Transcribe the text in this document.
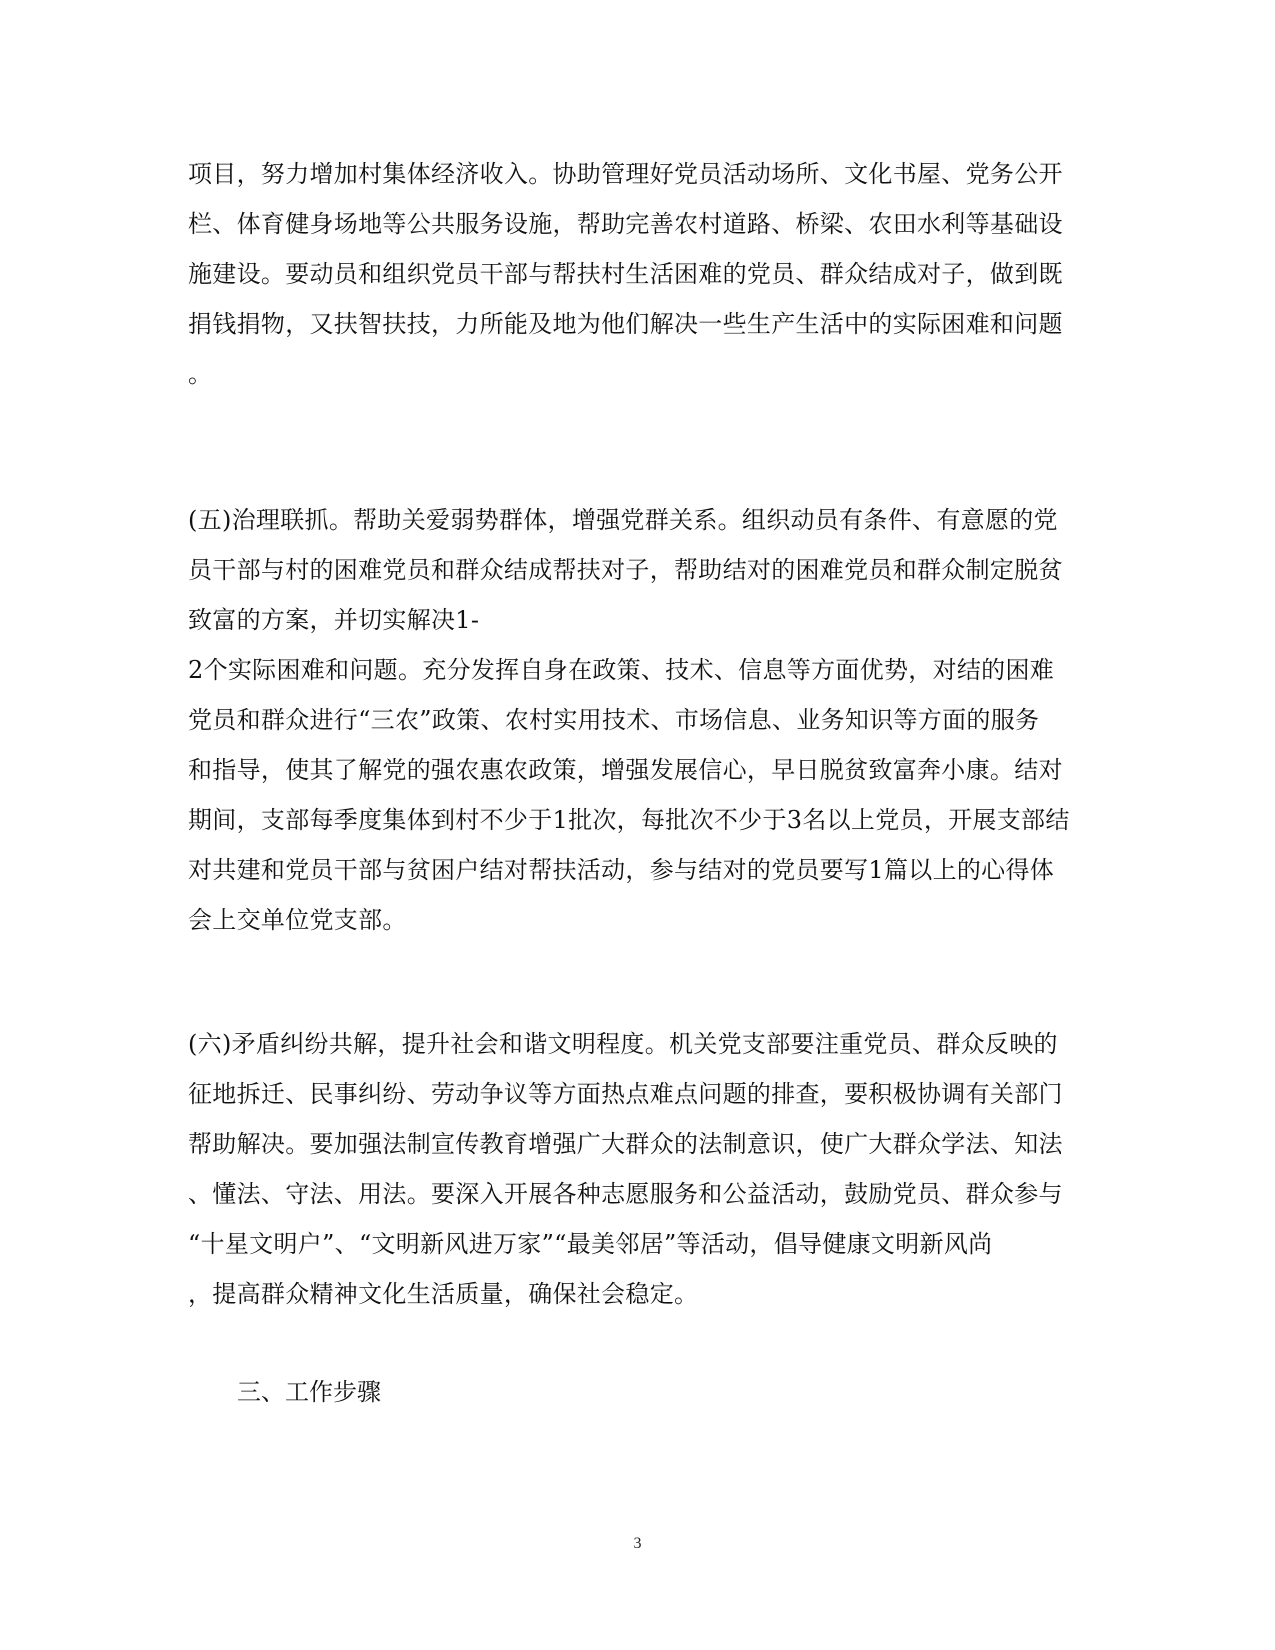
项目，努力增加村集体经济收入。协助管理好党员活动场所、文化书屋、党务公开
栏、体育健身场地等公共服务设施，帮助完善农村道路、桥梁、农田水利等基础设
施建设。要动员和组织党员干部与帮扶村生活困难的党员、群众结成对子，做到既
捐钱捐物，又扶智扶技，力所能及地为他们解决一些生产生活中的实际困难和问题
。
(五)治理联抓。帮助关爱弱势群体，增强党群关系。组织动员有条件、有意愿的党
员干部与村的困难党员和群众结成帮扶对子，帮助结对的困难党员和群众制定脱贫
致富的方案，并切实解决1-
2个实际困难和问题。充分发挥自身在政策、技术、信息等方面优势，对结的困难
党员和群众进行“三农”政策、农村实用技术、市场信息、业务知识等方面的服务
和指导，使其了解党的强农惠农政策，增强发展信心，早日脱贫致富奔小康。结对
期间，支部每季度集体到村不少于1批次，每批次不少于3名以上党员，开展支部结
对共建和党员干部与贫困户结对帮扶活动，参与结对的党员要写1篇以上的心得体
会上交单位党支部。
(六)矛盾纠纷共解，提升社会和谐文明程度。机关党支部要注重党员、群众反映的
征地拆迁、民事纠纷、劳动争议等方面热点难点问题的排查，要积极协调有关部门
帮助解决。要加强法制宣传教育增强广大群众的法制意识，使广大群众学法、知法
、懂法、守法、用法。要深入开展各种志愿服务和公益活动，鼓励党员、群众参与
“十星文明户”、“文明新风进万家”“最美邻居”等活动，倡导健康文明新风尚
，提高群众精神文化生活质量，确保社会稳定。
三、工作步骤
3
